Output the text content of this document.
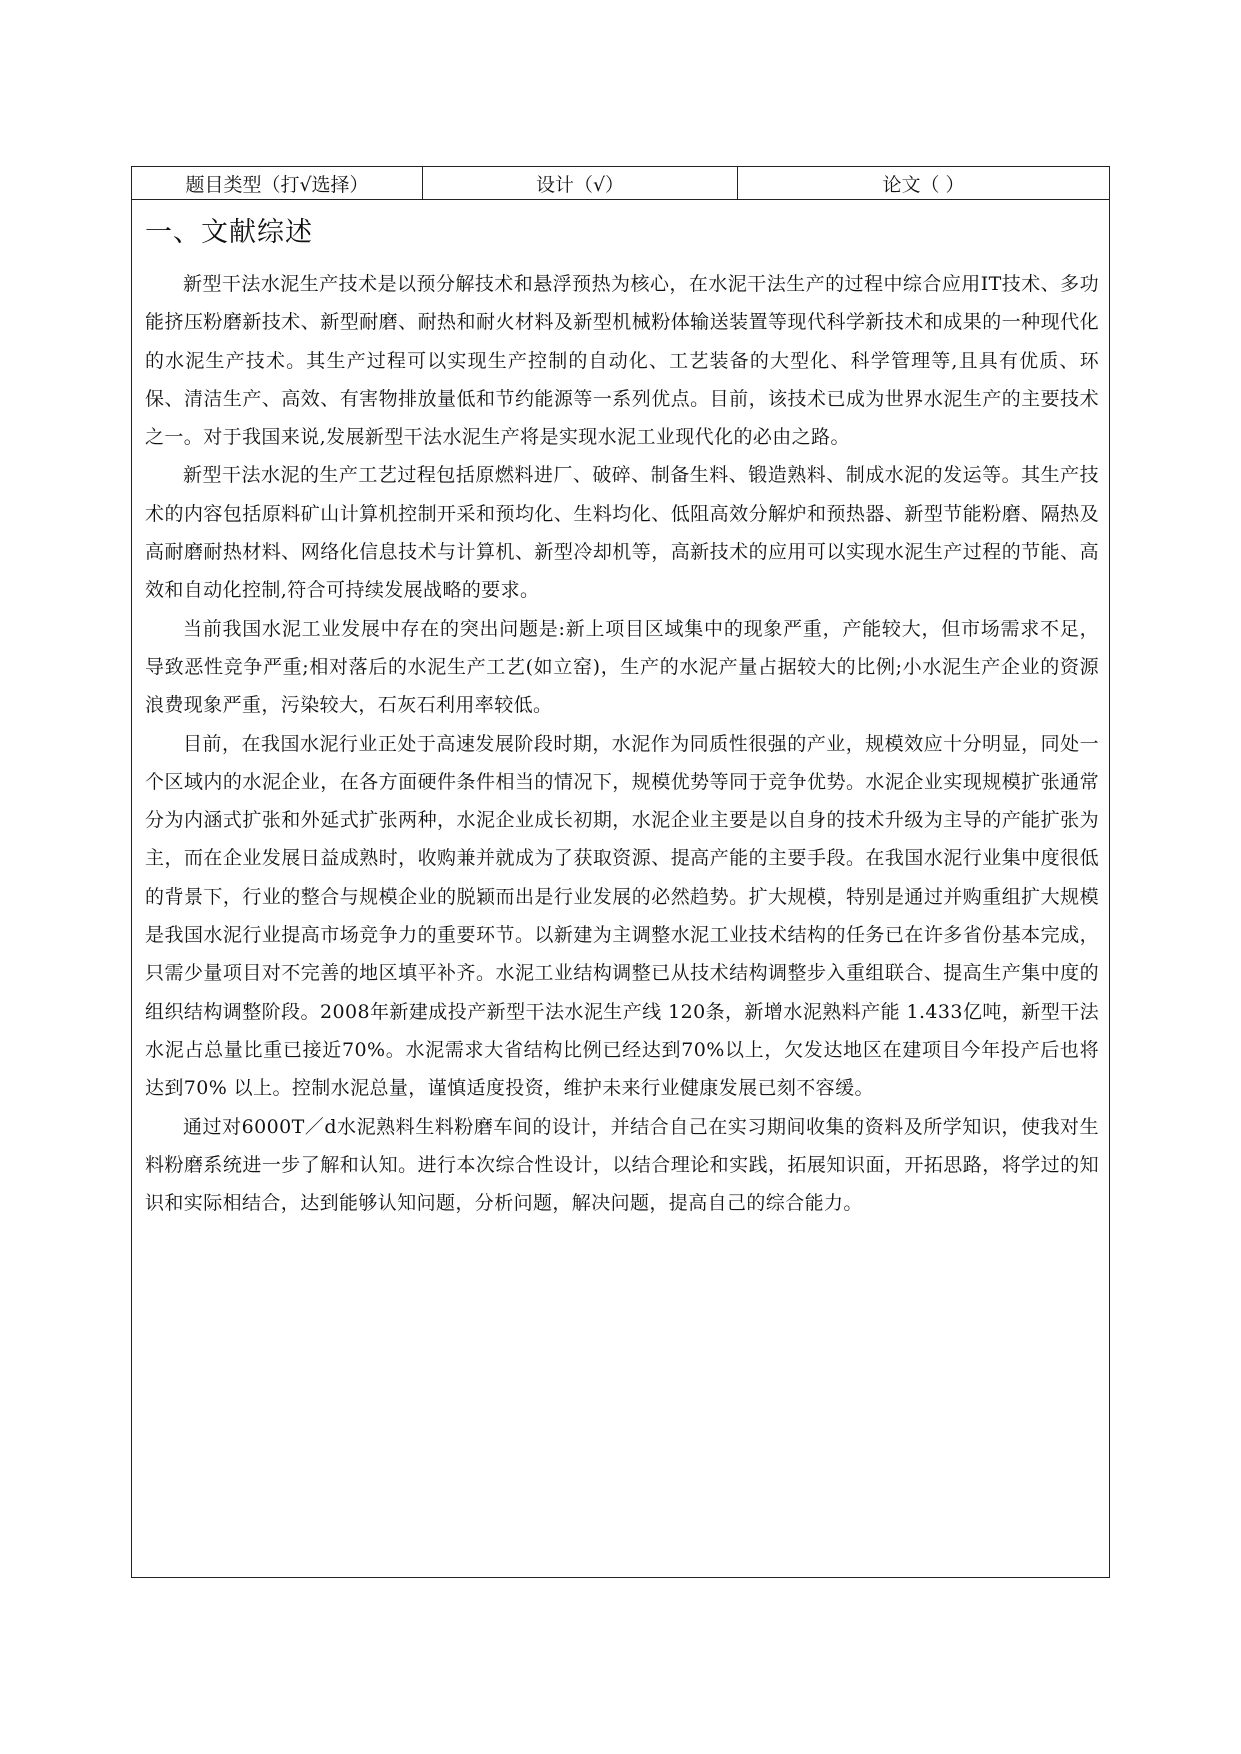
题目类型（打√选择）	设计（√）	论文（ ）
一、文献综述

新型干法水泥生产技术是以预分解技术和悬浮预热为核心，在水泥干法生产的过程中综合应用IT技术、多功能挤压粉磨新技术、新型耐磨、耐热和耐火材料及新型机械粉体输送装置等现代科学新技术和成果的一种现代化的水泥生产技术。其生产过程可以实现生产控制的自动化、工艺装备的大型化、科学管理等,且具有优质、环保、清洁生产、高效、有害物排放量低和节约能源等一系列优点。目前，该技术已成为世界水泥生产的主要技术之一。对于我国来说,发展新型干法水泥生产将是实现水泥工业现代化的必由之路。

新型干法水泥的生产工艺过程包括原燃料进厂、破碎、制备生料、锻造熟料、制成水泥的发运等。其生产技术的内容包括原料矿山计算机控制开采和预均化、生料均化、低阻高效分解炉和预热器、新型节能粉磨、隔热及高耐磨耐热材料、网络化信息技术与计算机、新型冷却机等，高新技术的应用可以实现水泥生产过程的节能、高效和自动化控制,符合可持续发展战略的要求。

当前我国水泥工业发展中存在的突出问题是:新上项目区域集中的现象严重，产能较大，但市场需求不足，导致恶性竞争严重;相对落后的水泥生产工艺(如立窑)，生产的水泥产量占据较大的比例;小水泥生产企业的资源浪费现象严重，污染较大，石灰石利用率较低。

目前，在我国水泥行业正处于高速发展阶段时期，水泥作为同质性很强的产业，规模效应十分明显，同处一个区域内的水泥企业，在各方面硬件条件相当的情况下，规模优势等同于竞争优势。水泥企业实现规模扩张通常分为内涵式扩张和外延式扩张两种，水泥企业成长初期，水泥企业主要是以自身的技术升级为主导的产能扩张为主，而在企业发展日益成熟时，收购兼并就成为了获取资源、提高产能的主要手段。在我国水泥行业集中度很低的背景下，行业的整合与规模企业的脱颖而出是行业发展的必然趋势。扩大规模，特别是通过并购重组扩大规模是我国水泥行业提高市场竞争力的重要环节。以新建为主调整水泥工业技术结构的任务已在许多省份基本完成，只需少量项目对不完善的地区填平补齐。水泥工业结构调整已从技术结构调整步入重组联合、提高生产集中度的组织结构调整阶段。2008年新建成投产新型干法水泥生产线 120条，新增水泥熟料产能 1.433亿吨，新型干法水泥占总量比重已接近70%。水泥需求大省结构比例已经达到70%以上，欠发达地区在建项目今年投产后也将达到70% 以上。控制水泥总量，谨慎适度投资，维护未来行业健康发展已刻不容缓。

通过对6000T／d水泥熟料生料粉磨车间的设计，并结合自己在实习期间收集的资料及所学知识，使我对生料粉磨系统进一步了解和认知。进行本次综合性设计，以结合理论和实践，拓展知识面，开拓思路，将学过的知识和实际相结合，达到能够认知问题，分析问题，解决问题，提高自己的综合能力。
